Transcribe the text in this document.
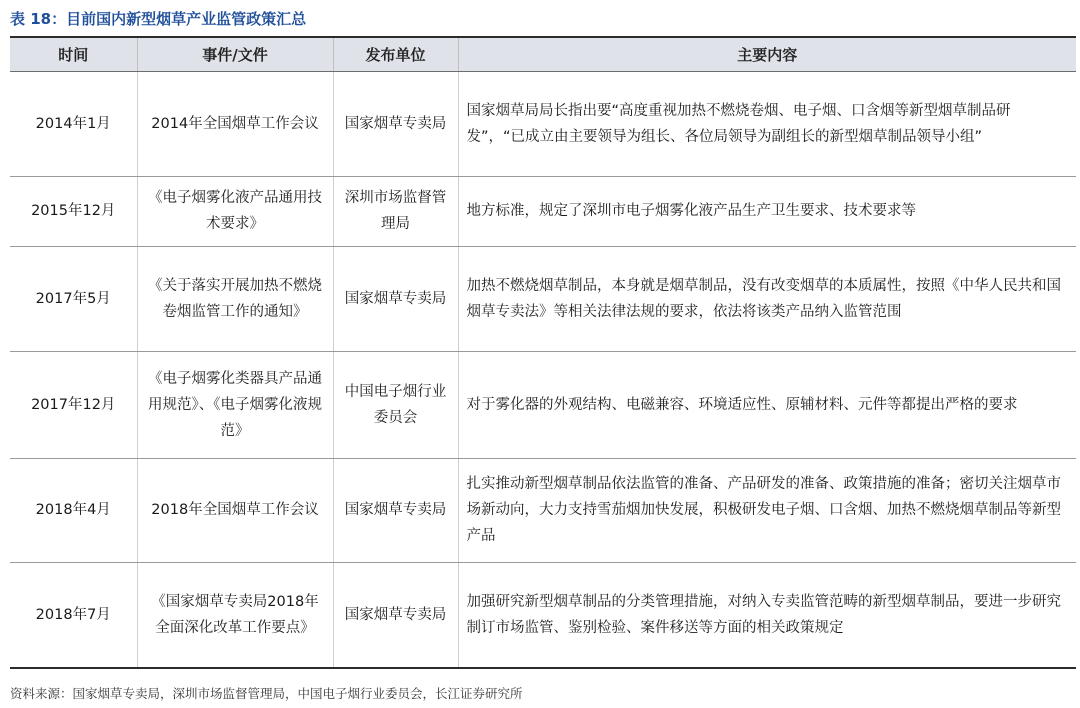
表 18：目前国内新型烟草产业监管政策汇总
时间	事件/文件	发布单位	主要内容
2014年1月	2014年全国烟草工作会议	国家烟草专卖局	国家烟草局局长指出要“高度重视加热不燃烧卷烟、电子烟、口含烟等新型烟草制品研发”，“已成立由主要领导为组长、各位局领导为副组长的新型烟草制品领导小组”
2015年12月	《电子烟雾化液产品通用技术要求》	深圳市场监督管理局	地方标准，规定了深圳市电子烟雾化液产品生产卫生要求、技术要求等
2017年5月	《关于落实开展加热不燃烧卷烟监管工作的通知》	国家烟草专卖局	加热不燃烧烟草制品，本身就是烟草制品，没有改变烟草的本质属性，按照《中华人民共和国烟草专卖法》等相关法律法规的要求，依法将该类产品纳入监管范围
2017年12月	《电子烟雾化类器具产品通用规范》、《电子烟雾化液规范》	中国电子烟行业委员会	对于雾化器的外观结构、电磁兼容、环境适应性、原辅材料、元件等都提出严格的要求
2018年4月	2018年全国烟草工作会议	国家烟草专卖局	扎实推动新型烟草制品依法监管的准备、产品研发的准备、政策措施的准备；密切关注烟草市场新动向，大力支持雪茄烟加快发展，积极研发电子烟、口含烟、加热不燃烧烟草制品等新型产品
2018年7月	《国家烟草专卖局2018年全面深化改革工作要点》	国家烟草专卖局	加强研究新型烟草制品的分类管理措施，对纳入专卖监管范畴的新型烟草制品，要进一步研究制订市场监管、鉴别检验、案件移送等方面的相关政策规定
资料来源：国家烟草专卖局，深圳市场监督管理局，中国电子烟行业委员会，长江证券研究所
